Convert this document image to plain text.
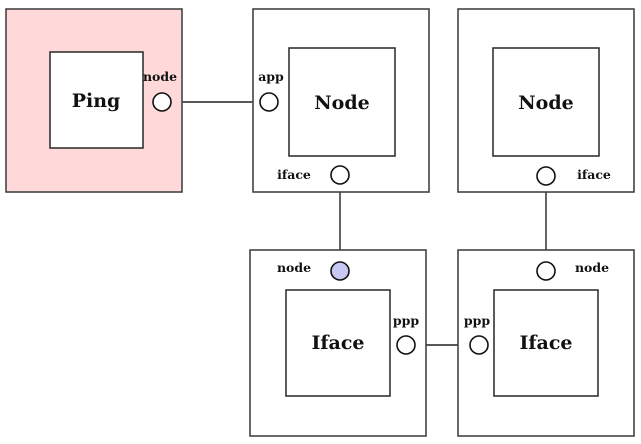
Ping
node
Node
app
iface
Node
iface
Iface
node
ppp
Iface
node
ppp
